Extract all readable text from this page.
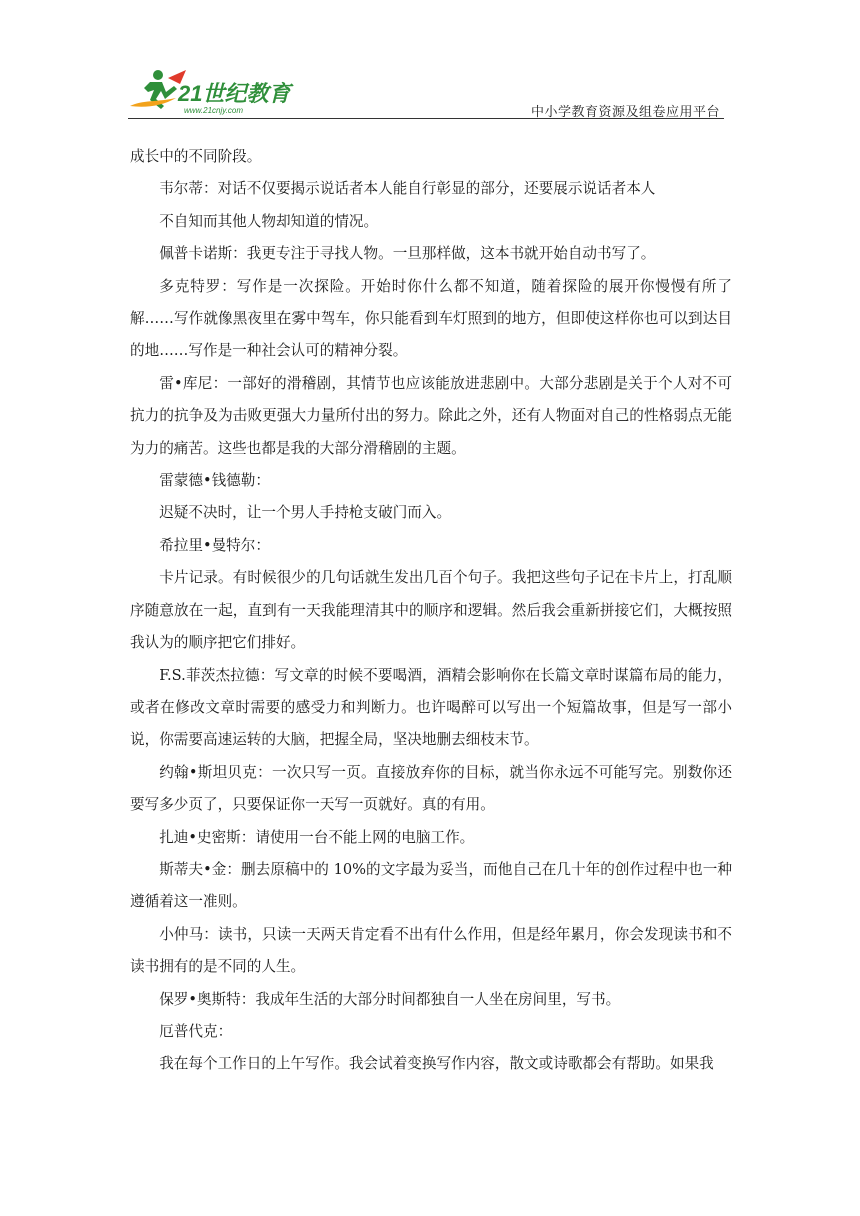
21世纪教育
www.21cnjy.com	中小学教育资源及组卷应用平台

成长中的不同阶段。

韦尔蒂：对话不仅要揭示说话者本人能自行彰显的部分，还要展示说话者本人

不自知而其他人物却知道的情况。

佩普卡诺斯：我更专注于寻找人物。一旦那样做，这本书就开始自动书写了。

多克特罗：写作是一次探险。开始时你什么都不知道，随着探险的展开你慢慢有所了解……写作就像黑夜里在雾中驾车，你只能看到车灯照到的地方，但即使这样你也可以到达目的地……写作是一种社会认可的精神分裂。

雷•库尼：一部好的滑稽剧，其情节也应该能放进悲剧中。大部分悲剧是关于个人对不可抗力的抗争及为击败更强大力量所付出的努力。除此之外，还有人物面对自己的性格弱点无能为力的痛苦。这些也都是我的大部分滑稽剧的主题。

雷蒙德•钱德勒：

迟疑不决时，让一个男人手持枪支破门而入。

希拉里•曼特尔：

卡片记录。有时候很少的几句话就生发出几百个句子。我把这些句子记在卡片上，打乱顺序随意放在一起，直到有一天我能理清其中的顺序和逻辑。然后我会重新拼接它们，大概按照我认为的顺序把它们排好。

F.S.菲茨杰拉德：写文章的时候不要喝酒，酒精会影响你在长篇文章时谋篇布局的能力，或者在修改文章时需要的感受力和判断力。也许喝醉可以写出一个短篇故事，但是写一部小说，你需要高速运转的大脑，把握全局，坚决地删去细枝末节。

约翰•斯坦贝克：一次只写一页。直接放弃你的目标，就当你永远不可能写完。别数你还要写多少页了，只要保证你一天写一页就好。真的有用。

扎迪•史密斯：请使用一台不能上网的电脑工作。

斯蒂夫•金：删去原稿中的 10%的文字最为妥当，而他自己在几十年的创作过程中也一种遵循着这一准则。

小仲马：读书，只读一天两天肯定看不出有什么作用，但是经年累月，你会发现读书和不读书拥有的是不同的人生。

保罗•奥斯特：我成年生活的大部分时间都独自一人坐在房间里，写书。

厄普代克：

我在每个工作日的上午写作。我会试着变换写作内容，散文或诗歌都会有帮助。如果我
